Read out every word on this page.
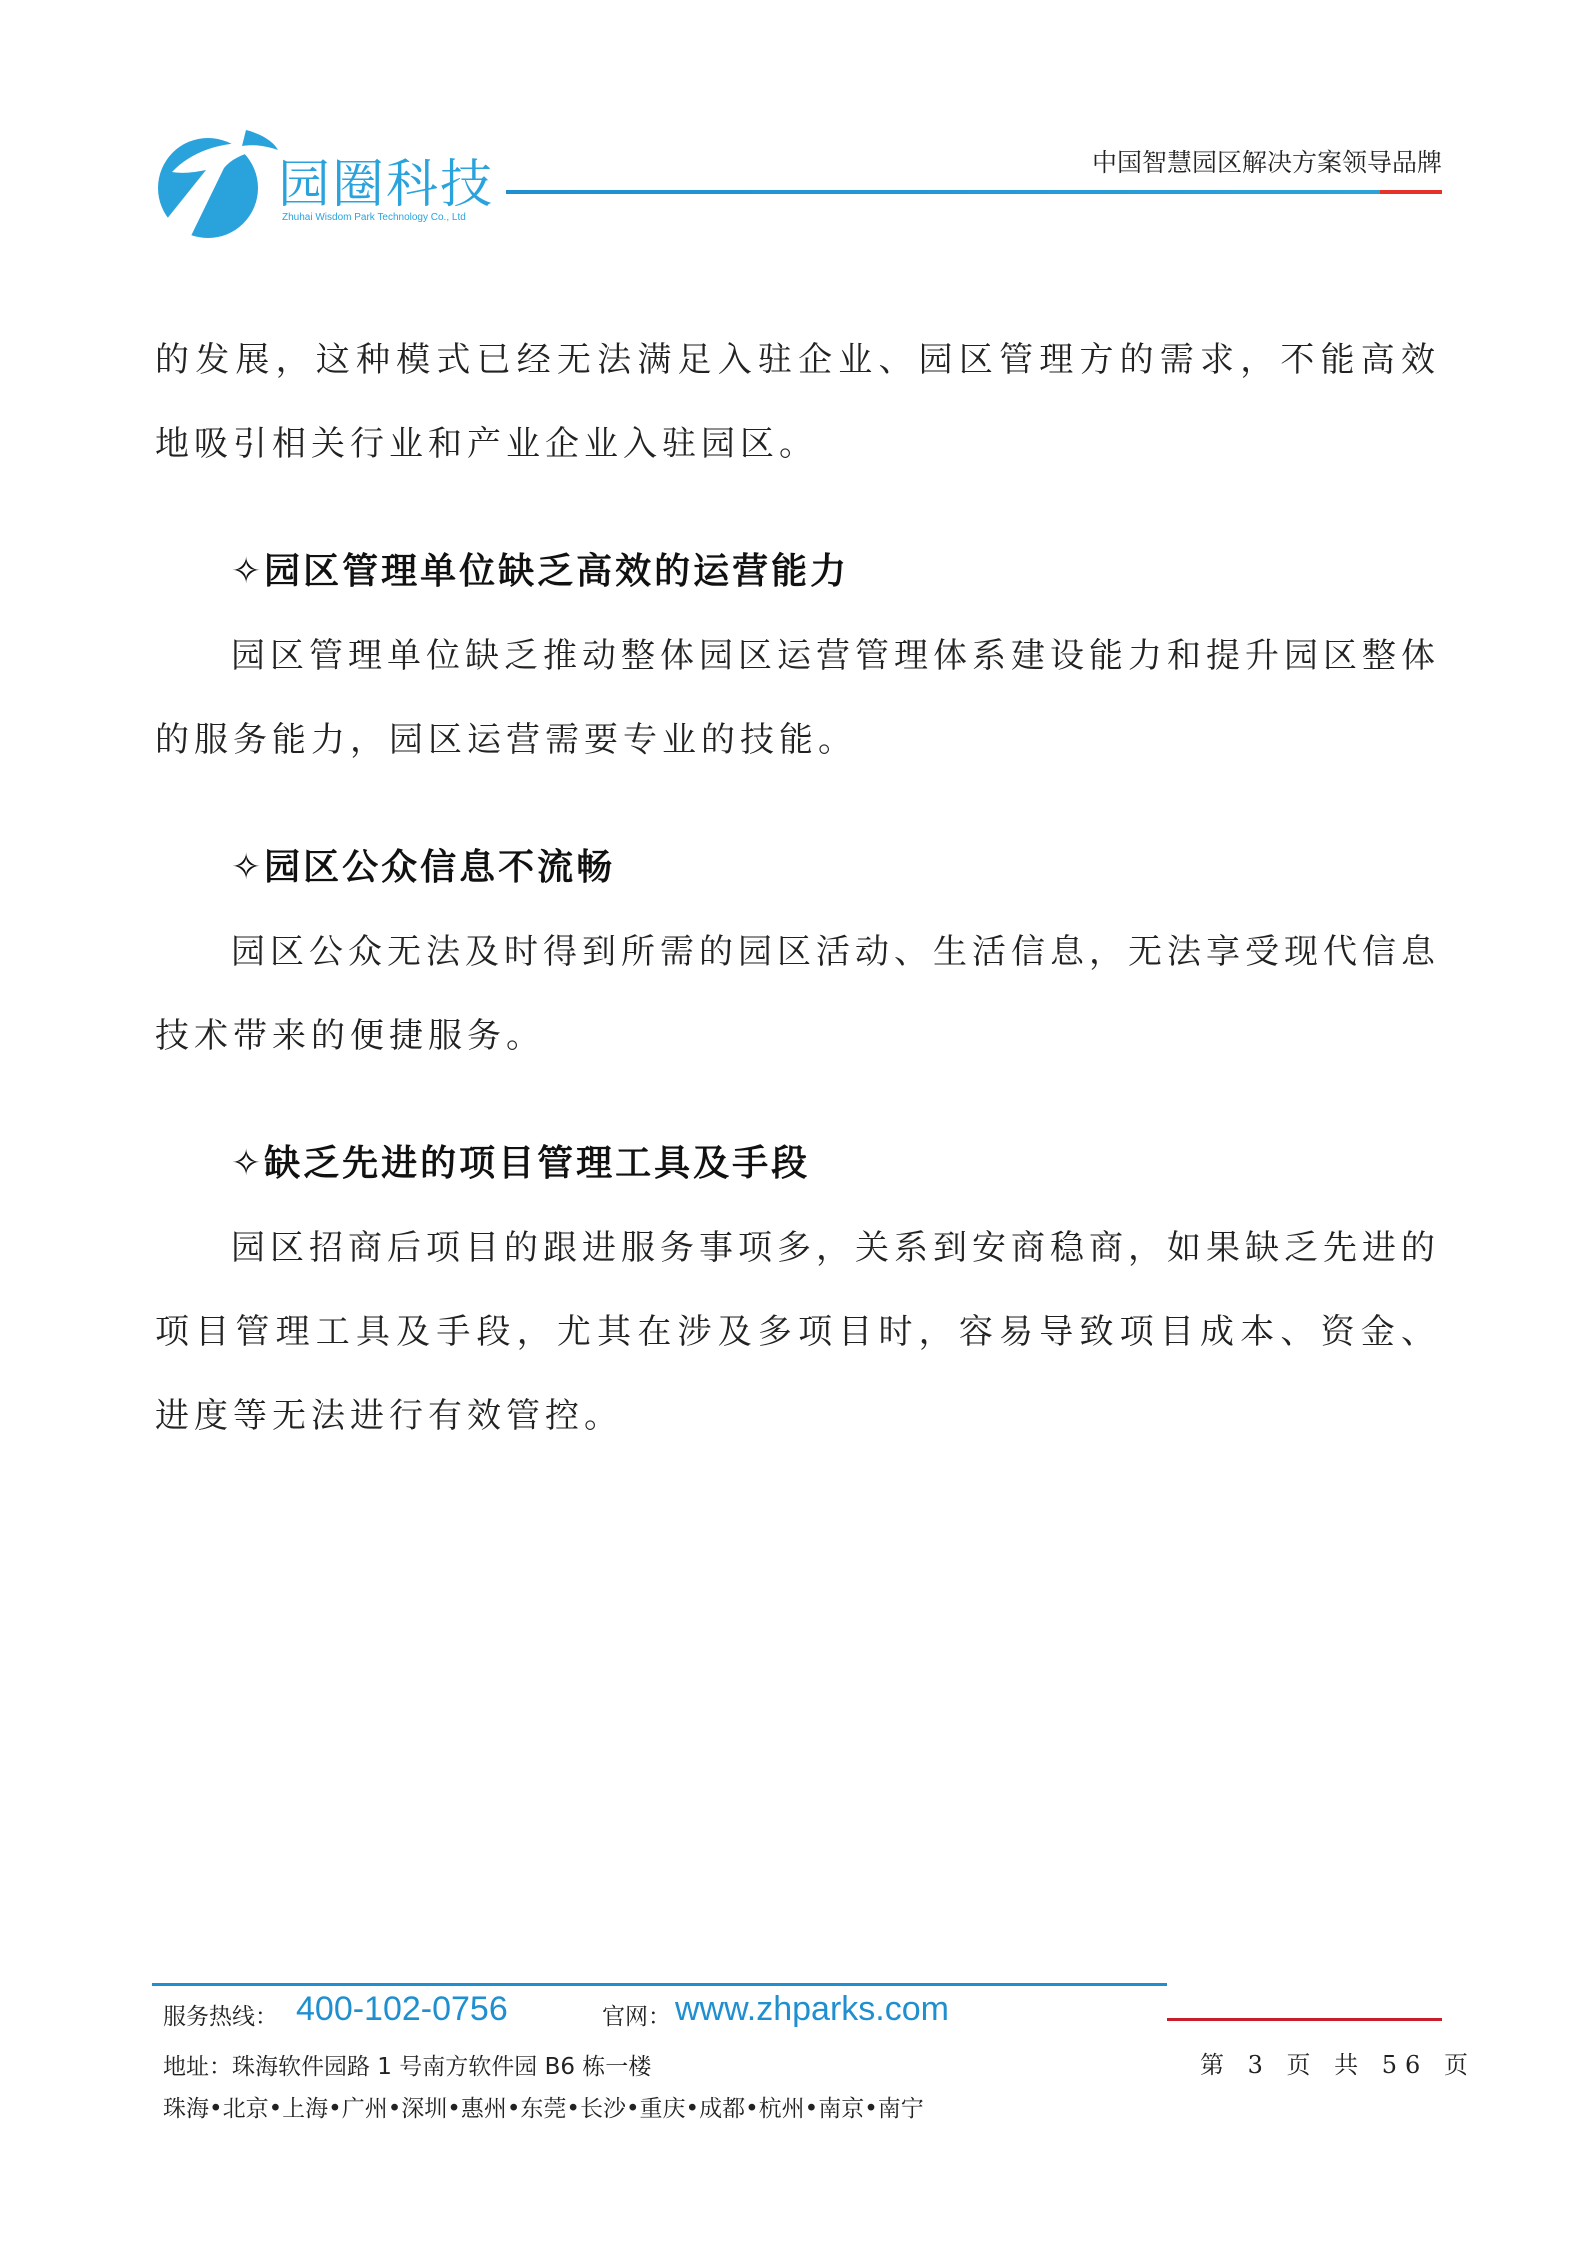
园圈科技
Zhuhai Wisdom Park Technology Co., Ltd
中国智慧园区解决方案领导品牌

的发展，这种模式已经无法满足入驻企业、园区管理方的需求，不能高效地吸引相关行业和产业企业入驻园区。

✧园区管理单位缺乏高效的运营能力

园区管理单位缺乏推动整体园区运营管理体系建设能力和提升园区整体的服务能力，园区运营需要专业的技能。

✧园区公众信息不流畅

园区公众无法及时得到所需的园区活动、生活信息，无法享受现代信息技术带来的便捷服务。

✧缺乏先进的项目管理工具及手段

园区招商后项目的跟进服务事项多，关系到安商稳商，如果缺乏先进的项目管理工具及手段，尤其在涉及多项目时，容易导致项目成本、资金、进度等无法进行有效管控。

服务热线： 400-102-0756	官网： www.zhparks.com
地址：珠海软件园路 1 号南方软件园 B6 栋一楼
珠海•北京•上海•广州•深圳•惠州•东莞•长沙•重庆•成都•杭州•南京•南宁
第 3 页 共 56 页
